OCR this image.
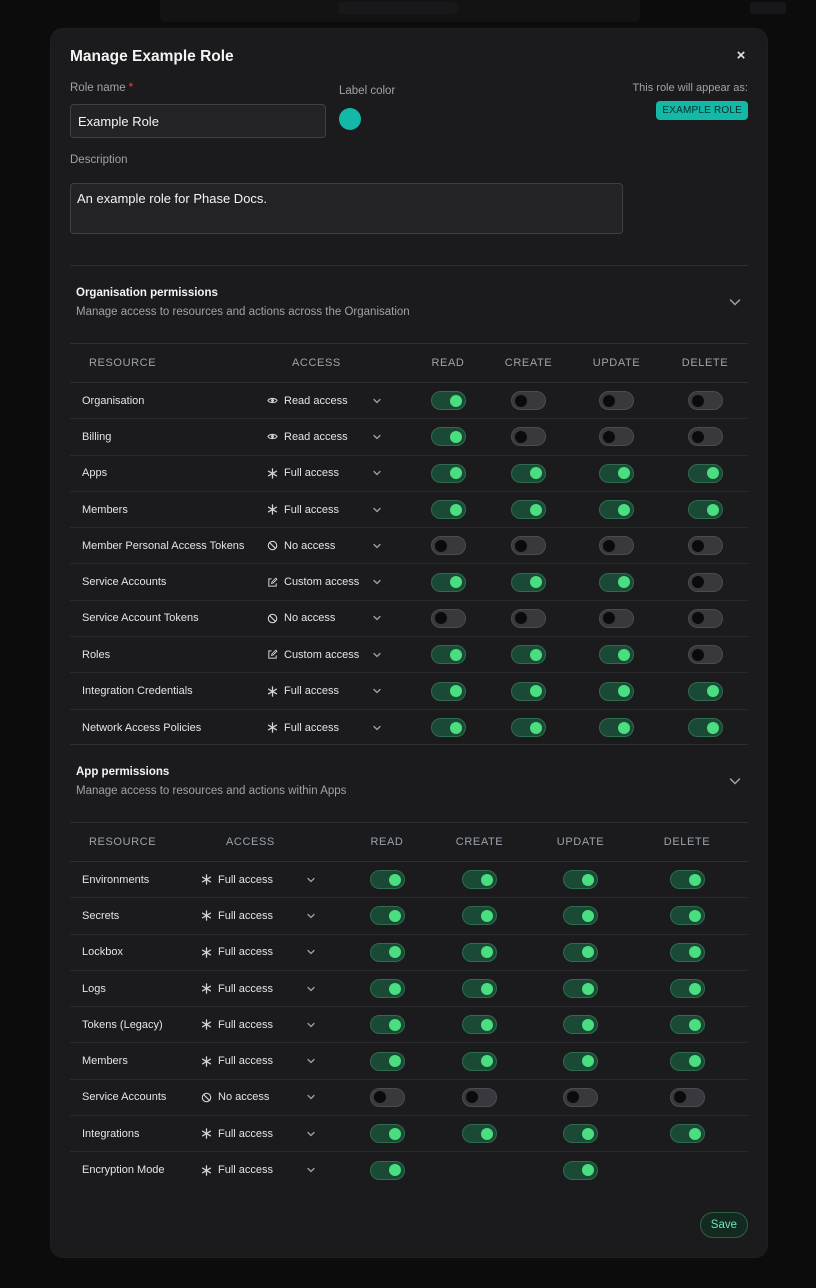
Manage Example Role	×
Role name *
Example Role	Label color	This role will appear as:
EXAMPLE ROLE
Description
An example role for Phase Docs.
Organisation permissions
Manage access to resources and actions across the Organisation
RESOURCE	ACCESS	READ	CREATE	UPDATE	DELETE
Organisation	Read access				

Billing	Read access				

Apps	Full access				

Members	Full access				

Member Personal Access Tokens	No access				

Service Accounts	Custom access				

Service Account Tokens	No access				

Roles	Custom access				

Integration Credentials	Full access				

Network Access Policies	Full access				

App permissions
Manage access to resources and actions within Apps
RESOURCE	ACCESS	READ	CREATE	UPDATE	DELETE
Environments	Full access				

Secrets	Full access				

Lockbox	Full access				

Logs	Full access				

Tokens (Legacy)	Full access				

Members	Full access				

Service Accounts	No access				

Integrations	Full access				

Encryption Mode	Full access				

Save
